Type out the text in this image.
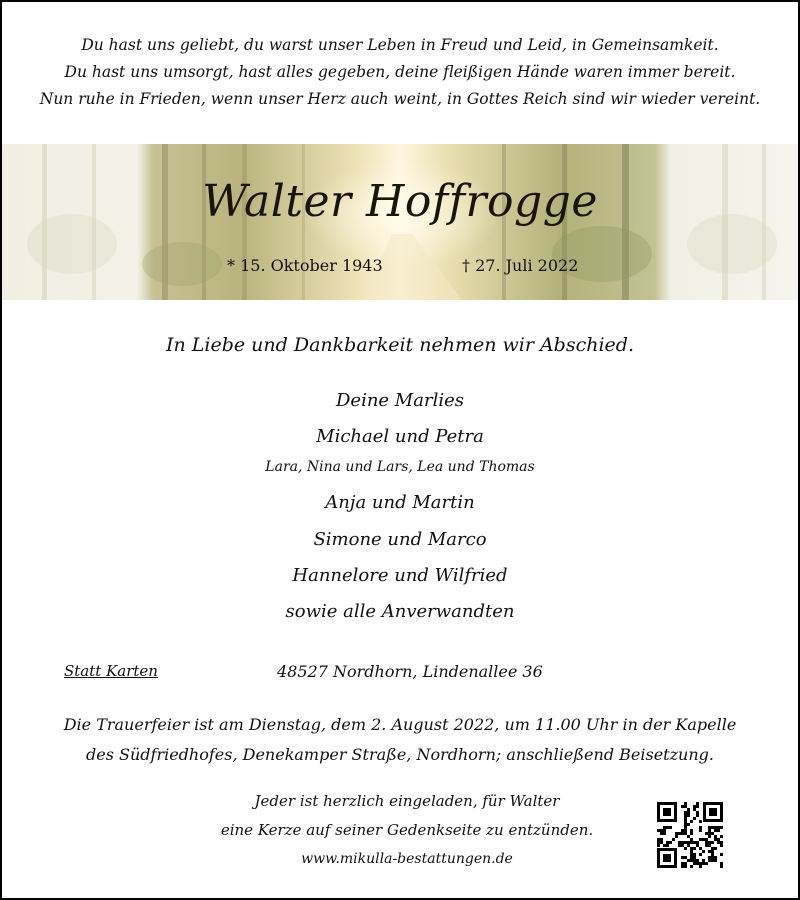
Du hast uns geliebt, du warst unser Leben in Freud und Leid, in Gemeinsamkeit.
Du hast uns umsorgt, hast alles gegeben, deine fleißigen Hände waren immer bereit.
Nun ruhe in Frieden, wenn unser Herz auch weint, in Gottes Reich sind wir wieder vereint.
Walter Hoffrogge
* 15. Oktober 1943	† 27. Juli 2022
In Liebe und Dankbarkeit nehmen wir Abschied.
Deine Marlies
Michael und Petra
Lara, Nina und Lars, Lea und Thomas
Anja und Martin
Simone und Marco
Hannelore und Wilfried
sowie alle Anverwandten
Statt Karten	48527 Nordhorn, Lindenallee 36
Die Trauerfeier ist am Dienstag, dem 2. August 2022, um 11.00 Uhr in der Kapelle
des Südfriedhofes, Denekamper Straße, Nordhorn; anschließend Beisetzung.
Jeder ist herzlich eingeladen, für Walter
eine Kerze auf seiner Gedenkseite zu entzünden.
www.mikulla-bestattungen.de
